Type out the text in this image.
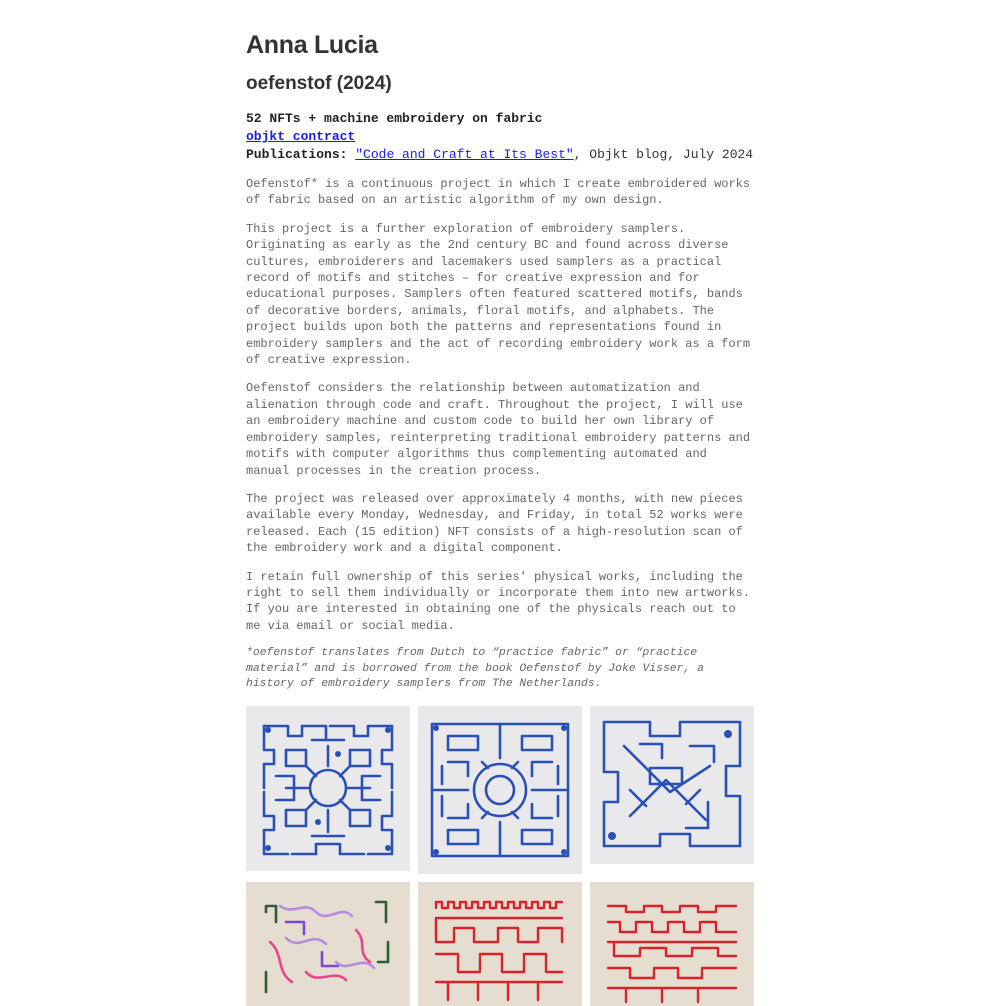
Anna Lucia
oefenstof (2024)
52 NFTs + machine embroidery on fabric
objkt contract
Publications: "Code and Craft at Its Best", Objkt blog, July 2024

Oefenstof* is a continuous project in which I create embroidered works of fabric based on an artistic algorithm of my own design.

This project is a further exploration of embroidery samplers. Originating as early as the 2nd century BC and found across diverse cultures, embroiderers and lacemakers used samplers as a practical record of motifs and stitches – for creative expression and for educational purposes. Samplers often featured scattered motifs, bands of decorative borders, animals, floral motifs, and alphabets. The project builds upon both the patterns and representations found in embroidery samplers and the act of recording embroidery work as a form of creative expression.

Oefenstof considers the relationship between automatization and alienation through code and craft. Throughout the project, I will use an embroidery machine and custom code to build her own library of embroidery samples, reinterpreting traditional embroidery patterns and motifs with computer algorithms thus complementing automated and manual processes in the creation process.

The project was released over approximately 4 months, with new pieces available every Monday, Wednesday, and Friday, in total 52 works were released. Each (15 edition) NFT consists of a high-resolution scan of the embroidery work and a digital component.

I retain full ownership of this series' physical works, including the right to sell them individually or incorporate them into new artworks. If you are interested in obtaining one of the physicals reach out to me via email or social media.

*oefenstof translates from Dutch to “practice fabric” or “practice material” and is borrowed from the book Oefenstof by Joke Visser, a history of embroidery samplers from The Netherlands.
